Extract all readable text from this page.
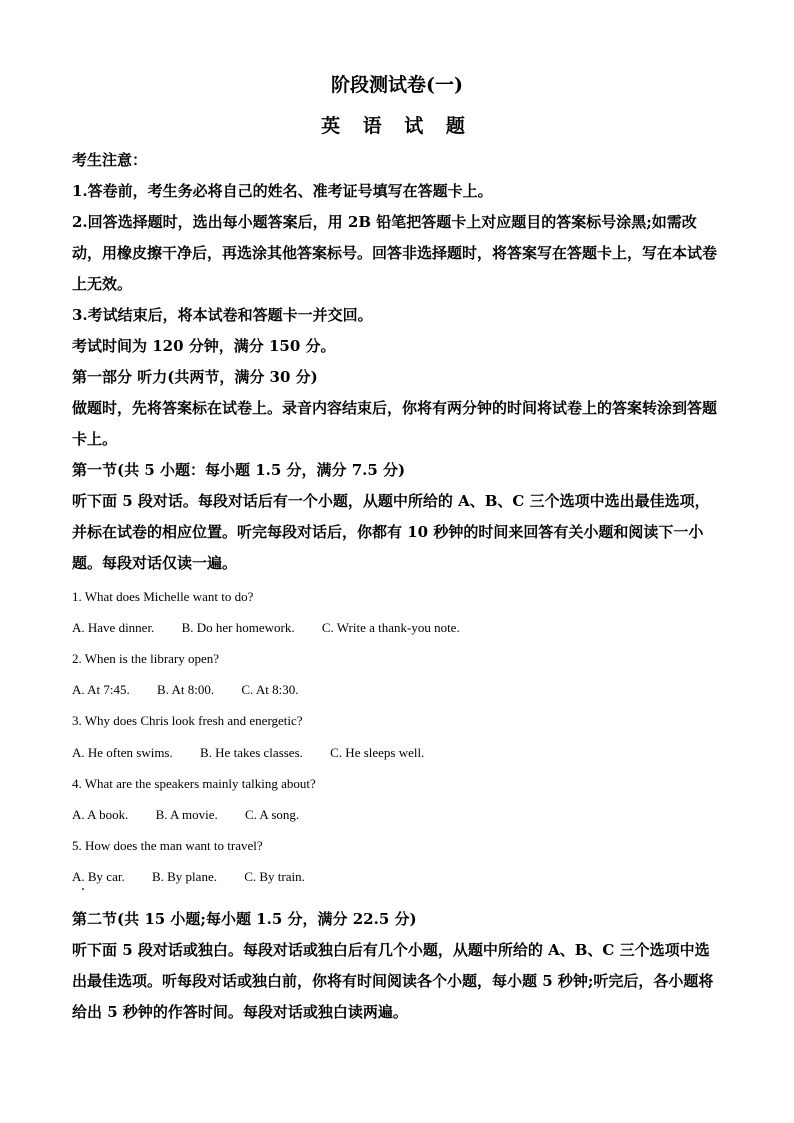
阶段测试卷(一)
英 语 试 题
考生注意：
1.答卷前，考生务必将自己的姓名、准考证号填写在答题卡上。
2.回答选择题时，选出每小题答案后，用 2B 铅笔把答题卡上对应题目的答案标号涂黑;如需改动，用橡皮擦干净后，再选涂其他答案标号。回答非选择题时，将答案写在答题卡上，写在本试卷上无效。
3.考试结束后，将本试卷和答题卡一并交回。
考试时间为 120 分钟，满分 150 分。
第一部分 听力(共两节，满分 30 分)
做题时，先将答案标在试卷上。录音内容结束后，你将有两分钟的时间将试卷上的答案转涂到答题卡上。
第一节(共 5 小题：每小题 1.5 分，满分 7.5 分)
听下面 5 段对话。每段对话后有一个小题，从题中所给的 A、B、C 三个选项中选出最佳选项，并标在试卷的相应位置。听完每段对话后，你都有 10 秒钟的时间来回答有关小题和阅读下一小题。每段对话仅读一遍。
1. What does Michelle want to do?
A. Have dinner. B. Do her homework. C. Write a thank-you note.
2. When is the library open?
A. At 7:45. B. At 8:00. C. At 8:30.
3. Why does Chris look fresh and energetic?
A. He often swims. B. He takes classes. C. He sleeps well.
4. What are the speakers mainly talking about?
A. A book. B. A movie. C. A song.
5. How does the man want to travel?
A. By car. B. By plane. C. By train.
第二节(共 15 小题;每小题 1.5 分，满分 22.5 分)
听下面 5 段对话或独白。每段对话或独白后有几个小题，从题中所给的 A、B、C 三个选项中选出最佳选项。听每段对话或独白前，你将有时间阅读各个小题，每小题 5 秒钟;听完后，各小题将给出 5 秒钟的作答时间。每段对话或独白读两遍。
